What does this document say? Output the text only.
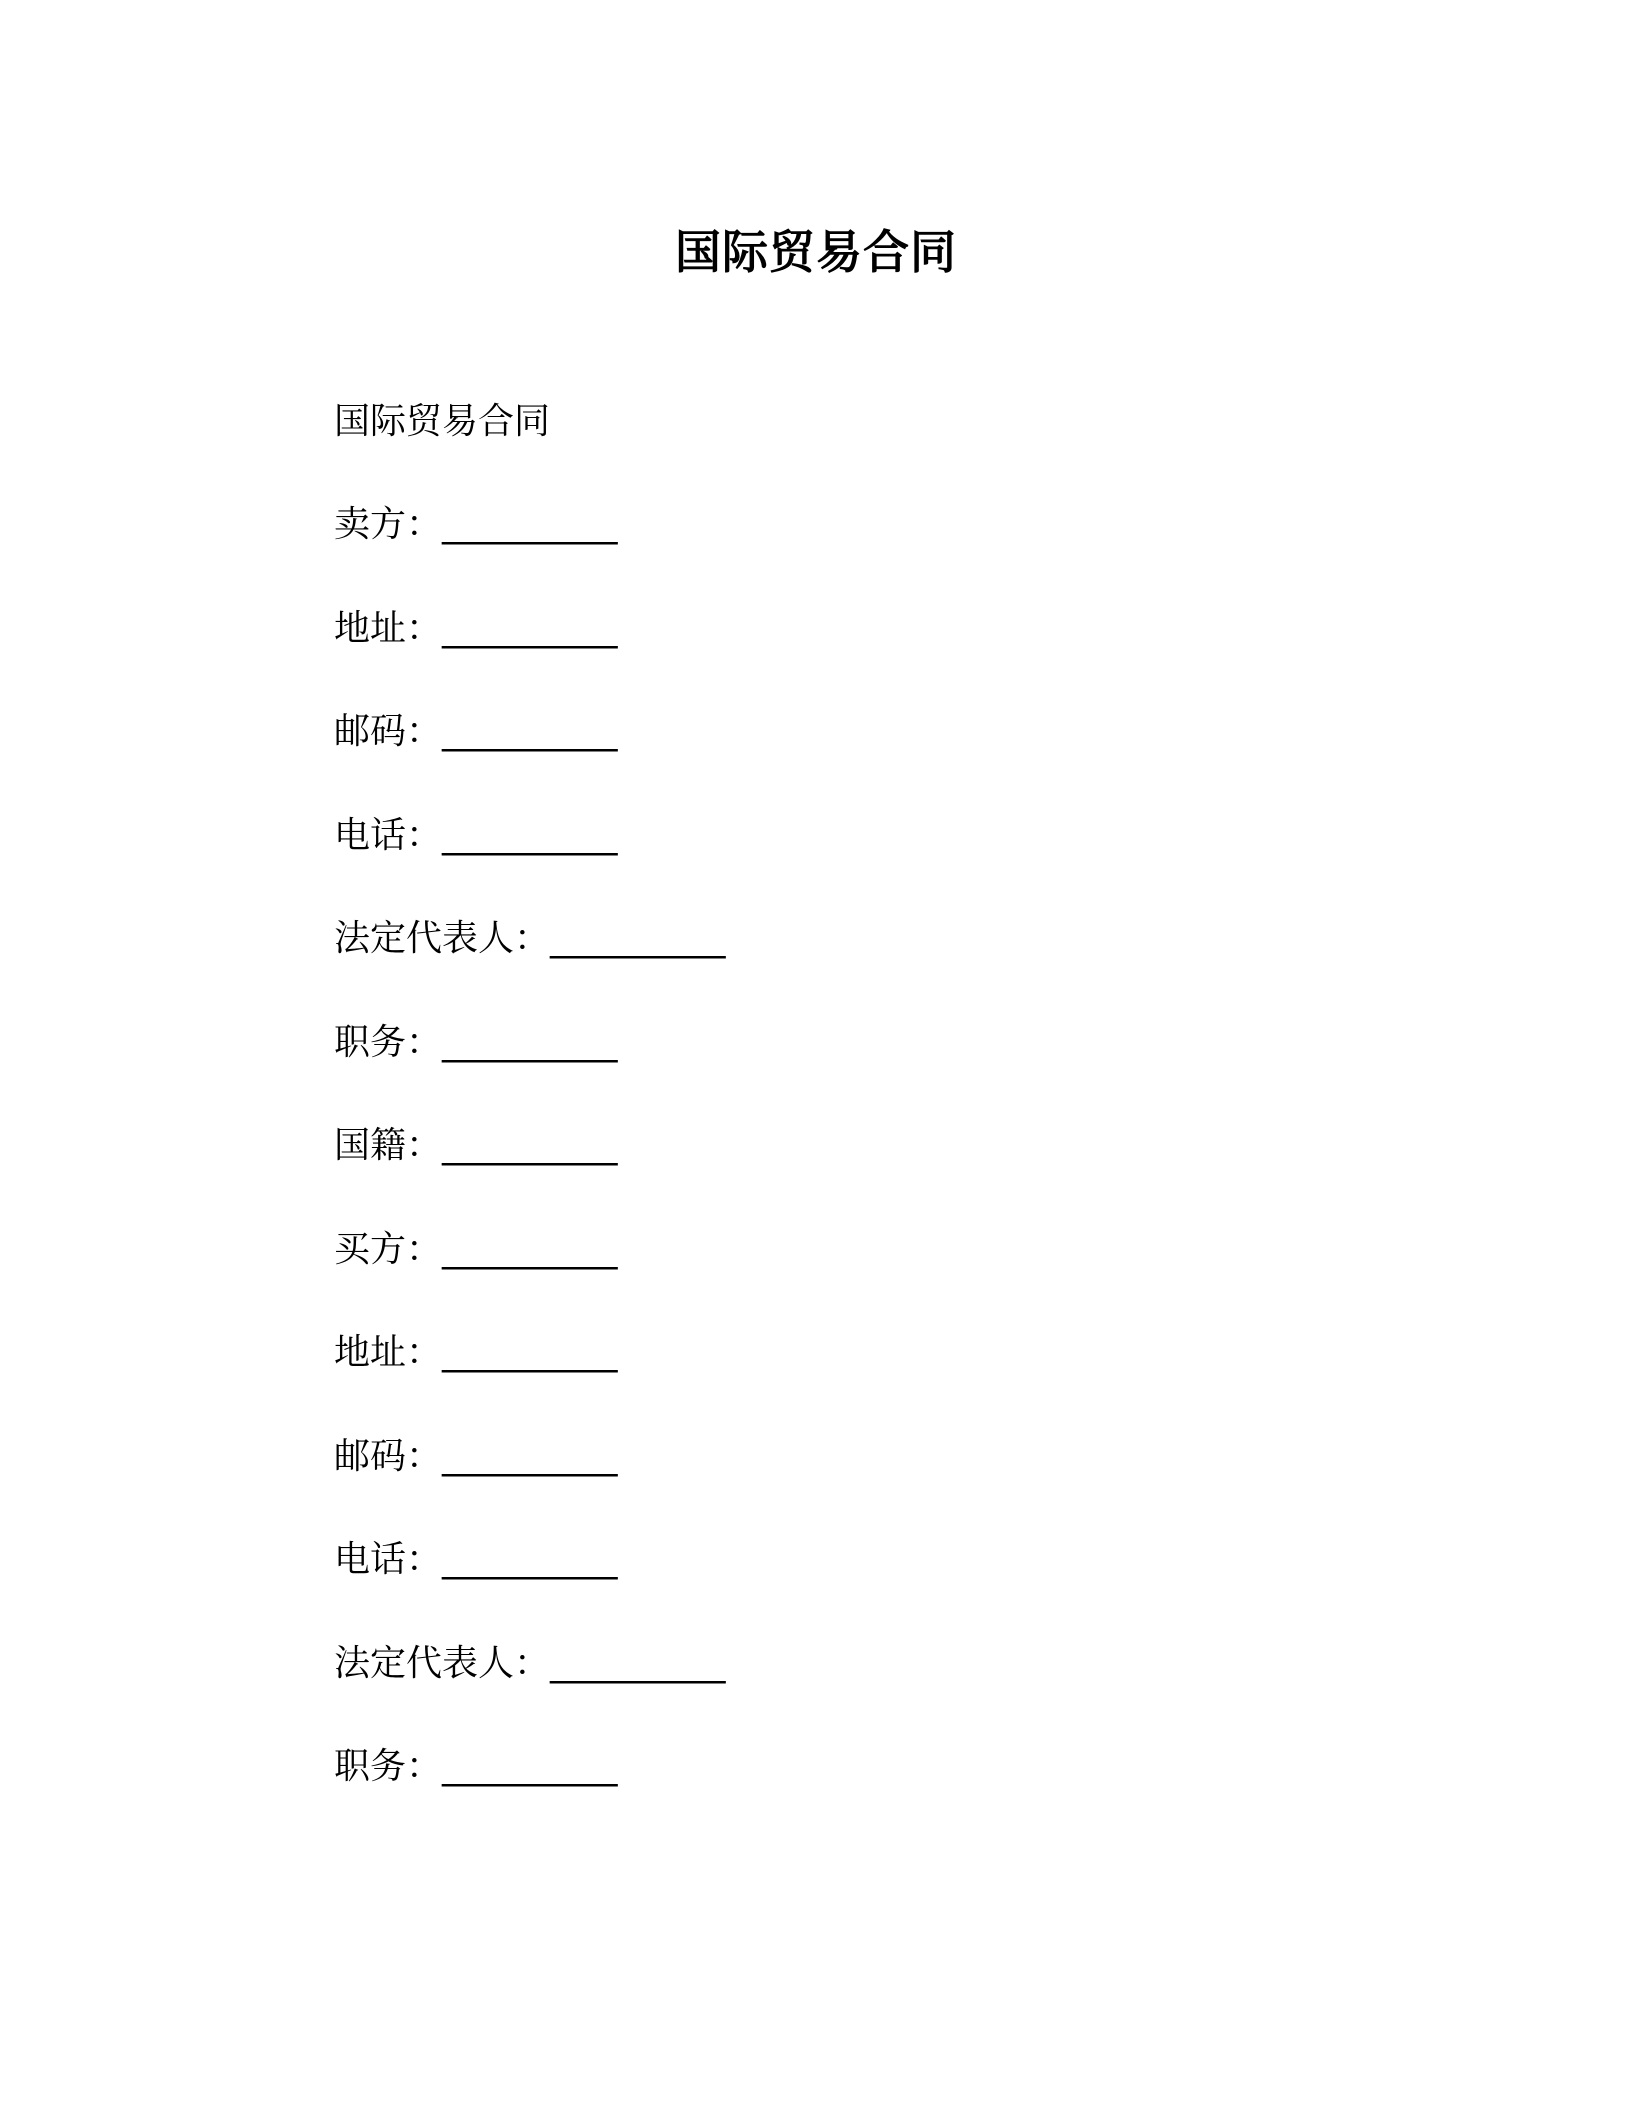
国际贸易合同
国际贸易合同
卖方：__________
地址：__________
邮码：__________
电话：__________
法定代表人：__________
职务：__________
国籍：__________
买方：__________
地址：__________
邮码：__________
电话：__________
法定代表人：__________
职务：__________
